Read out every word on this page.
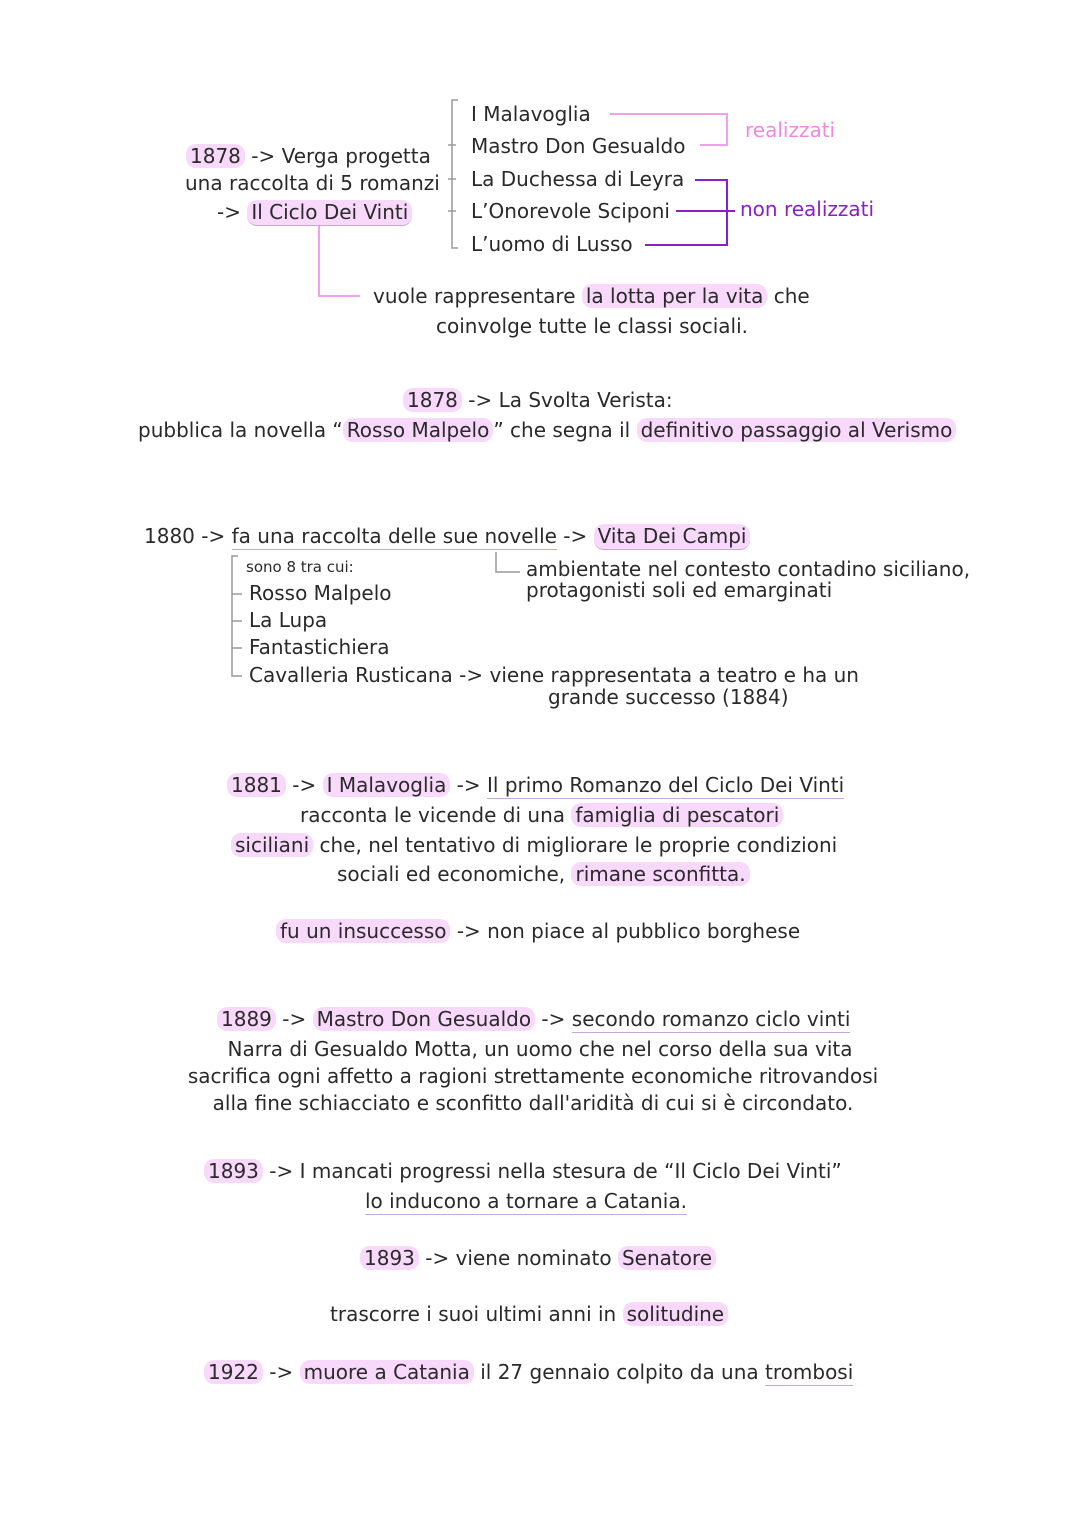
1878 -> Verga progetta
una raccolta di 5 romanzi
-> Il Ciclo Dei Vinti
I Malavoglia
Mastro Don Gesualdo
La Duchessa di Leyra
L’Onorevole Sciponi
L’uomo di Lusso
realizzati
non realizzati
vuole rappresentare la lotta per la vita che
coinvolge tutte le classi sociali.
1878 -> La Svolta Verista:
pubblica la novella “ Rosso Malpelo ” che segna il definitivo passaggio al Verismo
1880 -> fa una raccolta delle sue novelle -> Vita Dei Campi
sono 8 tra cui:	ambientate nel contesto contadino siciliano,
protagonisti soli ed emarginati
Rosso Malpelo
La Lupa
Fantastichiera
Cavalleria Rusticana -> viene rappresentata a teatro e ha un
grande successo (1884)
1881 -> I Malavoglia -> Il primo Romanzo del Ciclo Dei Vinti
racconta le vicende di una famiglia di pescatori
siciliani che, nel tentativo di migliorare le proprie condizioni
sociali ed economiche, rimane sconfitta.
fu un insuccesso -> non piace al pubblico borghese
1889 -> Mastro Don Gesualdo -> secondo romanzo ciclo vinti
Narra di Gesualdo Motta, un uomo che nel corso della sua vita
sacrifica ogni affetto a ragioni strettamente economiche ritrovandosi
alla fine schiacciato e sconfitto dall'aridità di cui si è circondato.
1893 -> I mancati progressi nella stesura de “Il Ciclo Dei Vinti”
lo inducono a tornare a Catania.
1893 -> viene nominato Senatore
trascorre i suoi ultimi anni in solitudine
1922 -> muore a Catania il 27 gennaio colpito da una trombosi
